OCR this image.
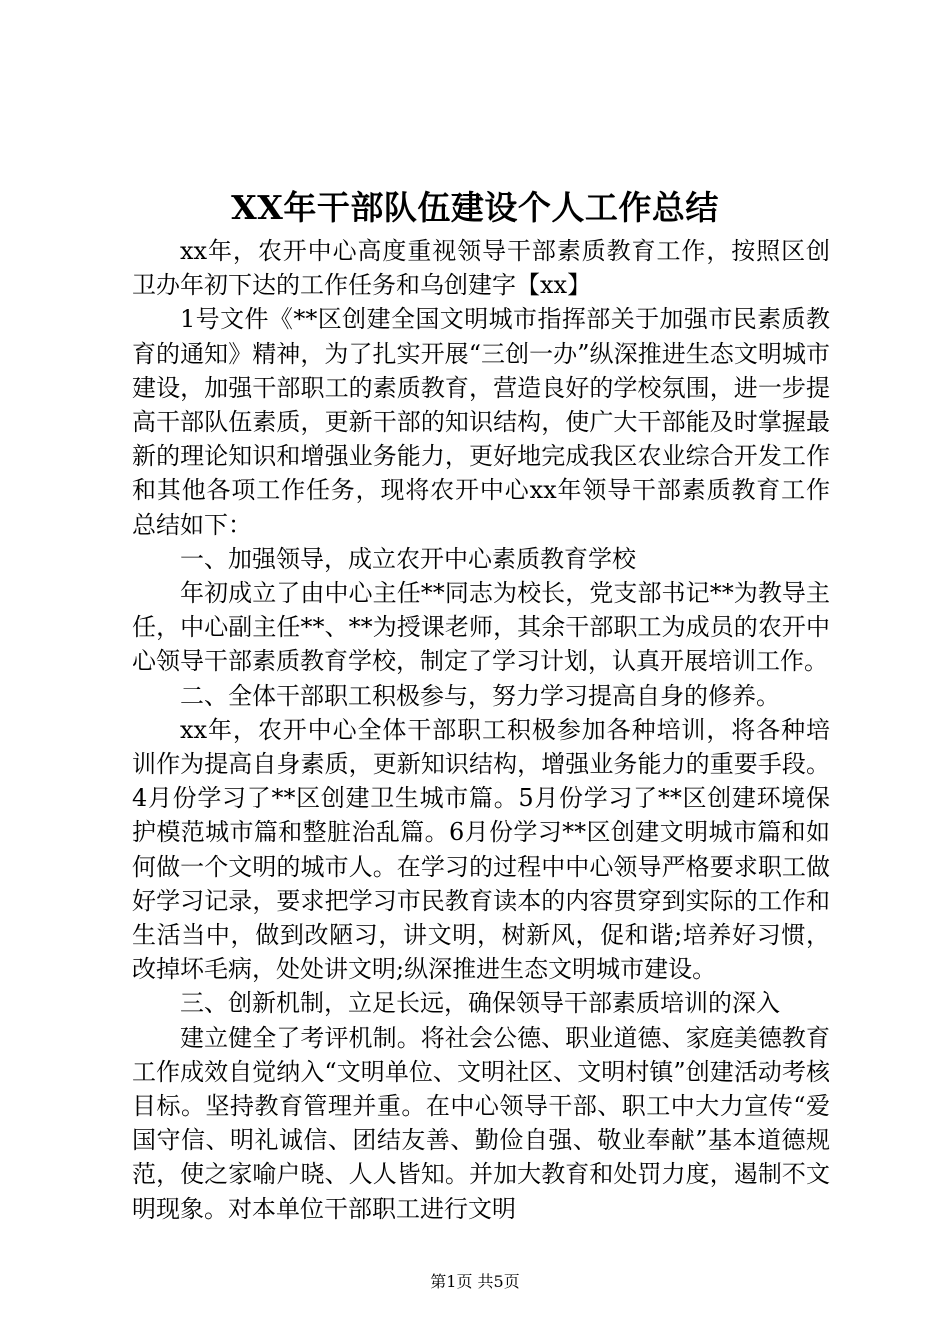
XX年干部队伍建设个人工作总结

xx年，农开中心高度重视领导干部素质教育工作，按照区创卫办年初下达的工作任务和乌创建字【xx】

1号文件《**区创建全国文明城市指挥部关于加强市民素质教育的通知》精神，为了扎实开展“三创一办”纵深推进生态文明城市建设，加强干部职工的素质教育，营造良好的学校氛围，进一步提高干部队伍素质，更新干部的知识结构，使广大干部能及时掌握最新的理论知识和增强业务能力，更好地完成我区农业综合开发工作和其他各项工作任务，现将农开中心xx年领导干部素质教育工作总结如下：

一、加强领导，成立农开中心素质教育学校

年初成立了由中心主任**同志为校长，党支部书记**为教导主任，中心副主任**、**为授课老师，其余干部职工为成员的农开中心领导干部素质教育学校，制定了学习计划，认真开展培训工作。

二、全体干部职工积极参与，努力学习提高自身的修养。

xx年，农开中心全体干部职工积极参加各种培训，将各种培训作为提高自身素质，更新知识结构，增强业务能力的重要手段。4月份学习了**区创建卫生城市篇。5月份学习了**区创建环境保护模范城市篇和整脏治乱篇。6月份学习**区创建文明城市篇和如何做一个文明的城市人。在学习的过程中中心领导严格要求职工做好学习记录，要求把学习市民教育读本的内容贯穿到实际的工作和生活当中，做到改陋习，讲文明，树新风，促和谐;培养好习惯，改掉坏毛病，处处讲文明;纵深推进生态文明城市建设。

三、创新机制，立足长远，确保领导干部素质培训的深入

建立健全了考评机制。将社会公德、职业道德、家庭美德教育工作成效自觉纳入“文明单位、文明社区、文明村镇”创建活动考核目标。坚持教育管理并重。在中心领导干部、职工中大力宣传“爱国守信、明礼诚信、团结友善、勤俭自强、敬业奉献”基本道德规范，使之家喻户晓、人人皆知。并加大教育和处罚力度，遏制不文明现象。对本单位干部职工进行文明

第1页 共5页
